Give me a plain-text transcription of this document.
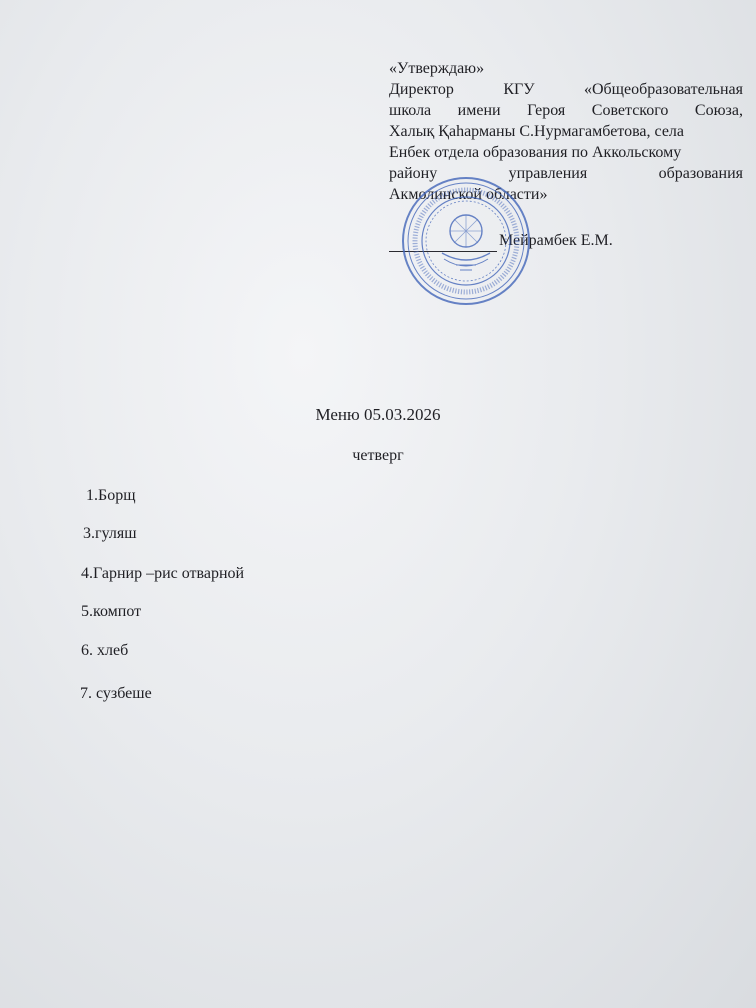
«Утверждаю»
Директор	КГУ	«Общеобразовательная
школа имени Героя Советского Союза,
Халық Қаһарманы С.Нурмагамбетова, села
Енбек отдела образования по Аккольскому
району	управления	образования
Акмолинской области»
Мейрамбек Е.М.
Меню 05.03.2026
четверг
1.Борщ
3.гуляш
4.Гарнир –рис отварной
5.компот
6. хлеб
7. сузбеше
